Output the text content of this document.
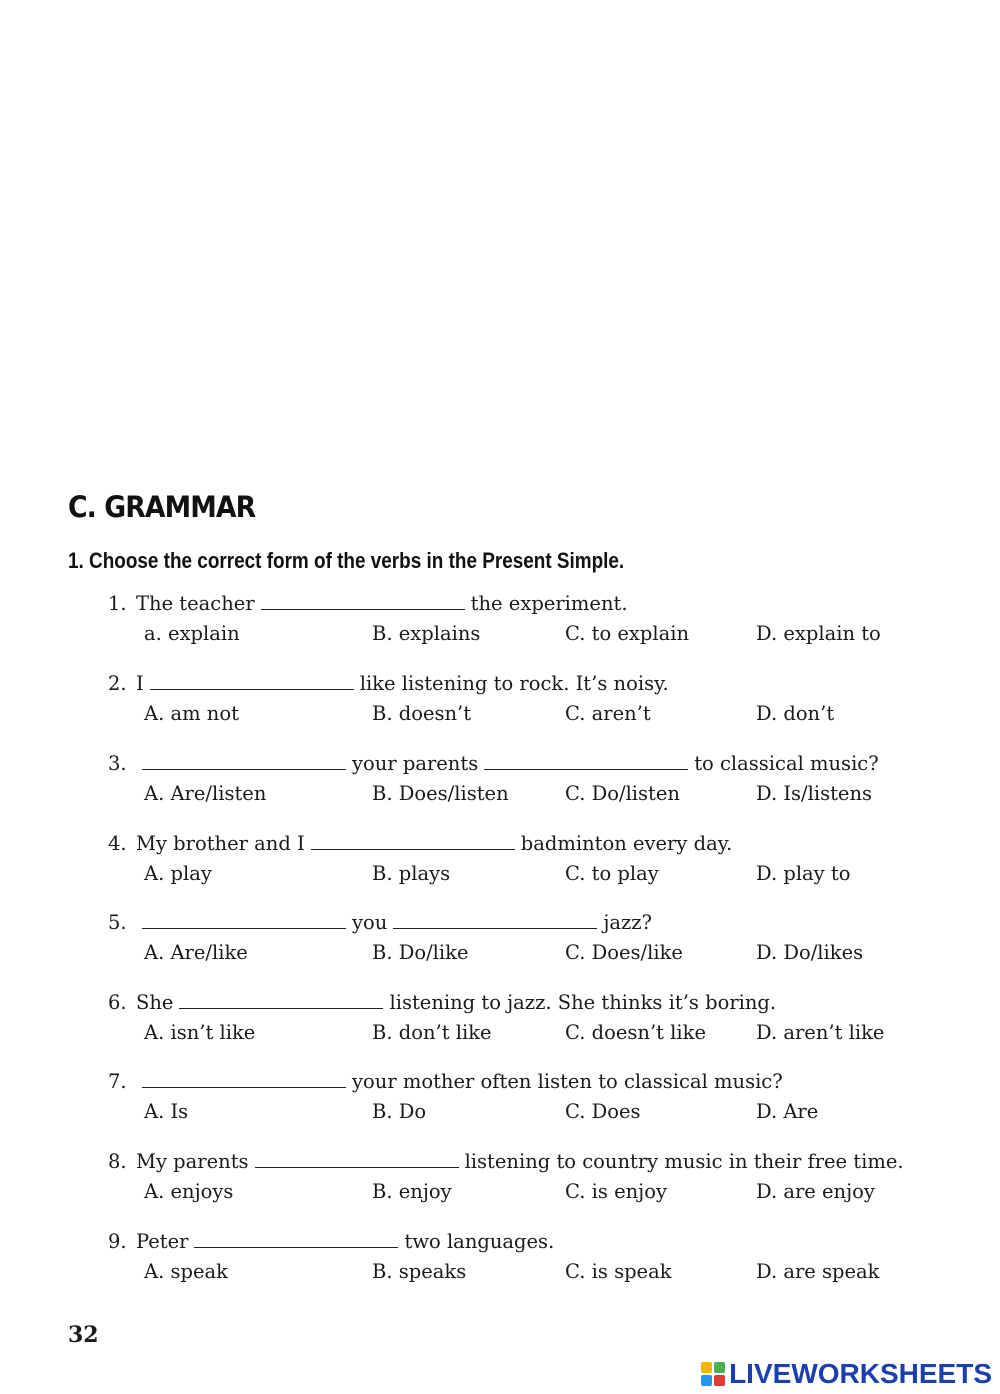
C. GRAMMAR
1. Choose the correct form of the verbs in the Present Simple.
1. The teacher	the experiment.
a. explain	B. explains	C. to explain	D. explain to
2. I	like listening to rock. It’s noisy.
A. am not	B. doesn’t	C. aren’t	D. don’t
3.	your parents	to classical music?
A. Are/listen	B. Does/listen	C. Do/listen	D. Is/listens
4. My brother and I	badminton every day.
A. play	B. plays	C. to play	D. play to
5.	you	jazz?
A. Are/like	B. Do/like	C. Does/like	D. Do/likes
6. She	listening to jazz. She thinks it’s boring.
A. isn’t like	B. don’t like	C. doesn’t like	D. aren’t like
7.	your mother often listen to classical music?
A. Is	B. Do	C. Does	D. Are
8. My parents	listening to country music in their free time.
A. enjoys	B. enjoy	C. is enjoy	D. are enjoy
9. Peter	two languages.
A. speak	B. speaks	C. is speak	D. are speak
32
LIVEWORKSHEETS
